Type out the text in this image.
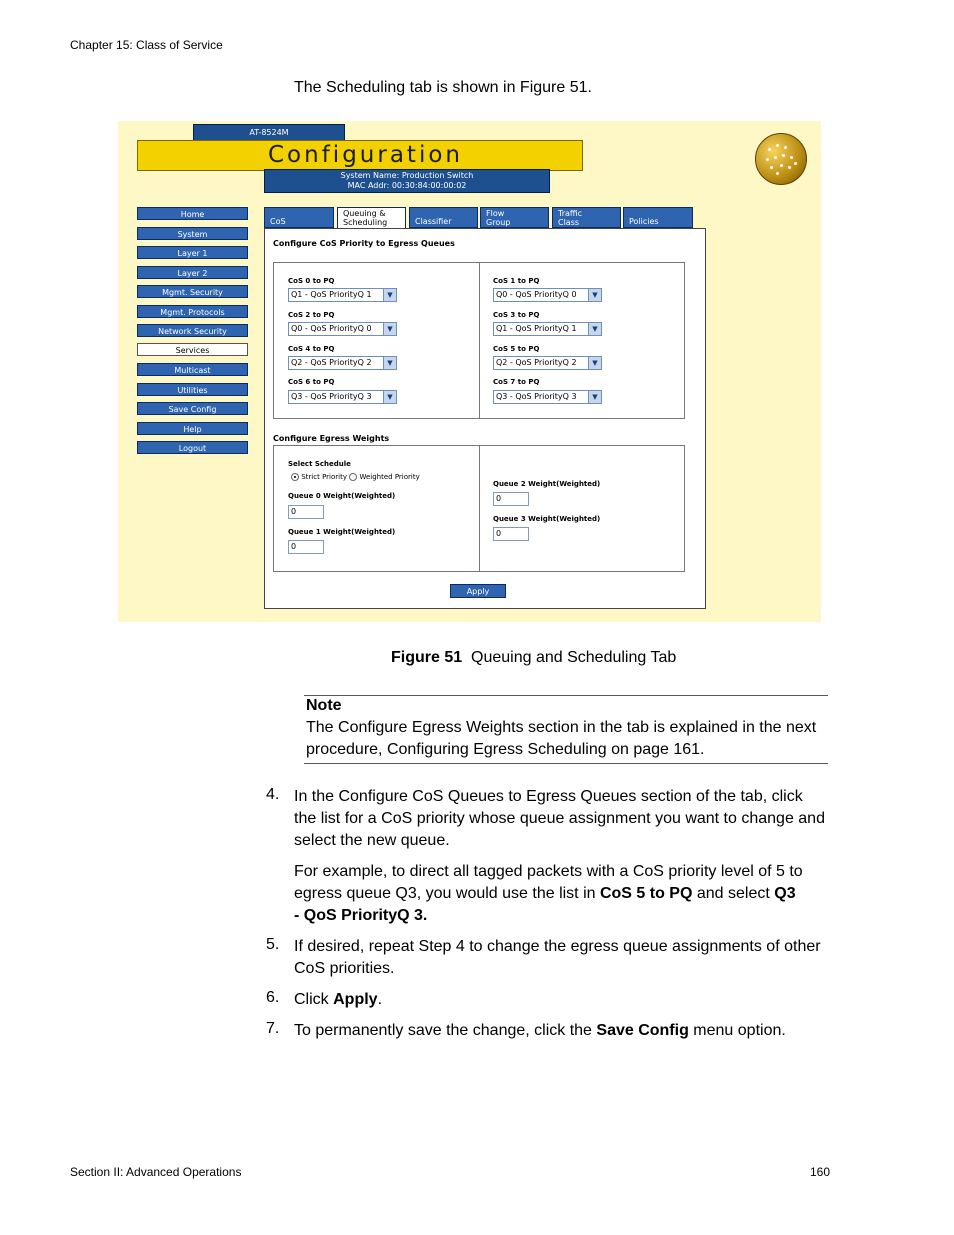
Chapter 15: Class of Service
The Scheduling tab is shown in Figure 51.
AT-8524M
Configuration
System Name: Production Switch
MAC Addr: 00:30:84:00:00:02
Home
System
Layer 1
Layer 2
Mgmt. Security
Mgmt. Protocols
Network Security
Services
Multicast
Utilities
Save Config
Help
Logout
CoS
Queuing & Scheduling	Classifier
Flow Group
Traffic Class	Policies
Configure CoS Priority to Egress Queues
CoS 0 to PQ
Q1 - QoS PriorityQ 1	▼
CoS 2 to PQ
Q0 - QoS PriorityQ 0	▼
CoS 4 to PQ
Q2 - QoS PriorityQ 2	▼
CoS 6 to PQ
Q3 - QoS PriorityQ 3	▼
CoS 1 to PQ
Q0 - QoS PriorityQ 0	▼
CoS 3 to PQ
Q1 - QoS PriorityQ 1	▼
CoS 5 to PQ
Q2 - QoS PriorityQ 2	▼
CoS 7 to PQ
Q3 - QoS PriorityQ 3	▼
Configure Egress Weights
Select Schedule
Strict Priority Weighted Priority
Queue 0 Weight(Weighted)
0
Queue 1 Weight(Weighted)
0
Queue 2 Weight(Weighted)
0
Queue 3 Weight(Weighted)
0
Apply
Figure 51 Queuing and Scheduling Tab
Note
The Configure Egress Weights section in the tab is explained in the next procedure, Configuring Egress Scheduling on page 161.
4. In the Configure CoS Queues to Egress Queues section of the tab, click the list for a CoS priority whose queue assignment you want to change and select the new queue.
For example, to direct all tagged packets with a CoS priority level of 5 to egress queue Q3, you would use the list in CoS 5 to PQ and select Q3 - QoS PriorityQ 3.
5. If desired, repeat Step 4 to change the egress queue assignments of other CoS priorities.
6. Click Apply.
7. To permanently save the change, click the Save Config menu option.
Section II: Advanced Operations	160
